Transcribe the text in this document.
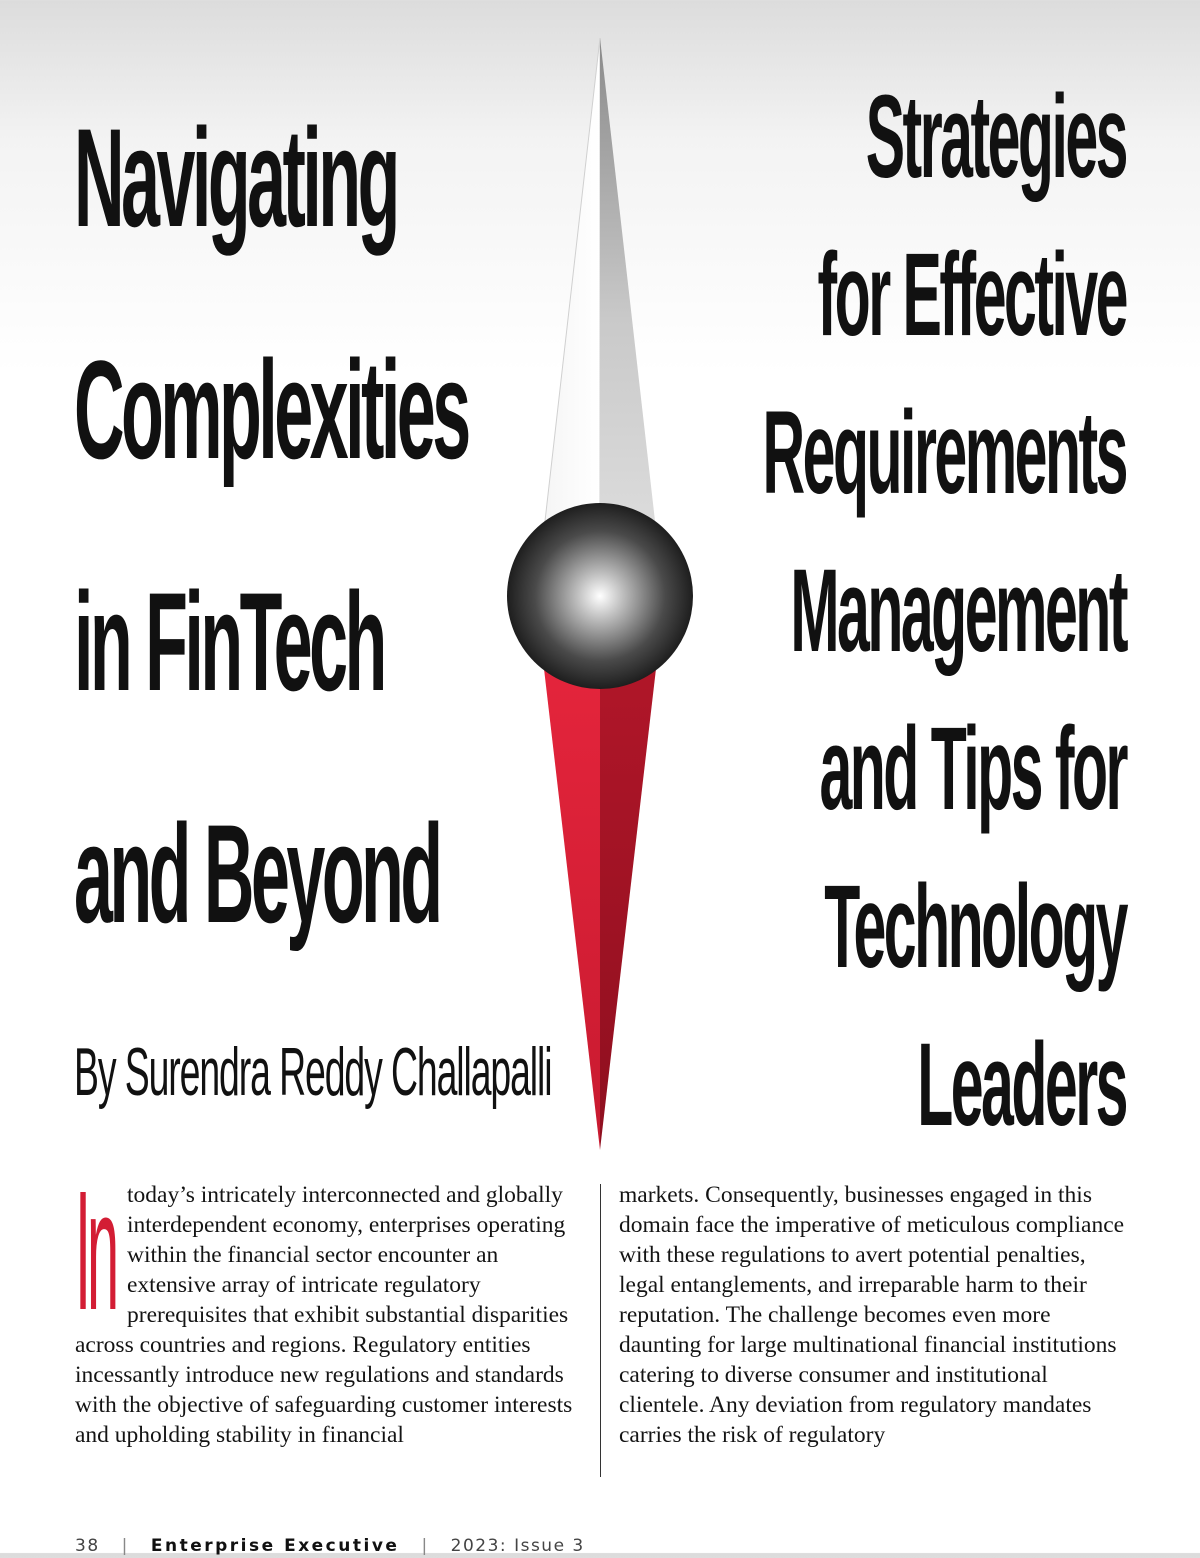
Navigating
Complexities
in FinTech
and Beyond

By Surendra Reddy Challapalli

Strategies
for Effective
Requirements
Management
and Tips for
Technology
Leaders

In today’s intricately interconnected and globally interdependent economy, enterprises operating within the financial sector encounter an extensive array of intricate regulatory prerequisites that exhibit substantial disparities across countries and regions. Regulatory entities incessantly introduce new regulations and standards with the objective of safeguarding customer interests and upholding stability in financial

markets. Consequently, businesses engaged in this domain face the imperative of meticulous compliance with these regulations to avert potential penalties, legal entanglements, and irreparable harm to their reputation. The challenge becomes even more daunting for large multinational financial institutions catering to diverse consumer and institutional clientele. Any deviation from regulatory mandates carries the risk of regulatory

38 | Enterprise Executive | 2023: Issue 3
